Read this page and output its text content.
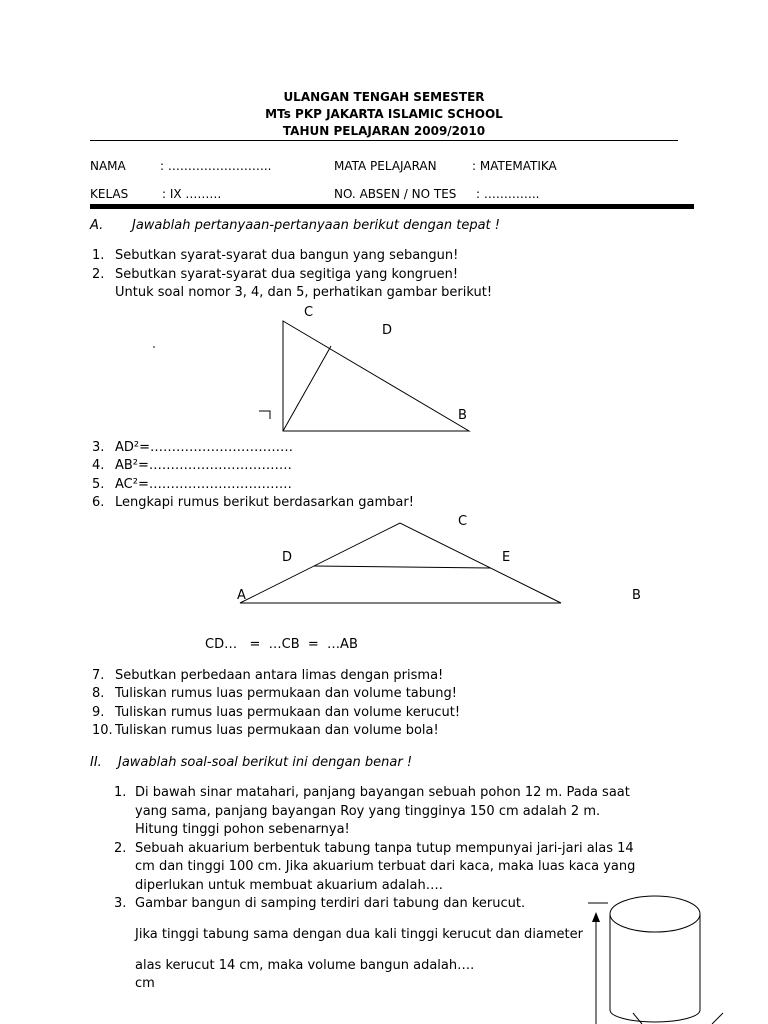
ULANGAN TENGAH SEMESTER
MTs PKP JAKARTA ISLAMIC SCHOOL
TAHUN PELAJARAN 2009/2010
NAMA	: ……………………..	MATA PELAJARAN	: MATEMATIKA
KELAS	: IX ………	NO. ABSEN / NO TES : …………..
A. Jawablah pertanyaan-pertanyaan berikut dengan tepat !
1. Sebutkan syarat-syarat dua bangun yang sebangun!
2. Sebutkan syarat-syarat dua segitiga yang kongruen!
Untuk soal nomor 3, 4, dan 5, perhatikan gambar berikut!
C
D
B
3. AD²=……………………………
4. AB²=……………………………
5. AC²=……………………………
6. Lengkapi rumus berikut berdasarkan gambar!
C
D	E
A	B
CD…   =  …CB  =  …AB
7. Sebutkan perbedaan antara limas dengan prisma!
8. Tuliskan rumus luas permukaan dan volume tabung!
9. Tuliskan rumus luas permukaan dan volume kerucut!
10. Tuliskan rumus luas permukaan dan volume bola!
II. Jawablah soal-soal berikut ini dengan benar !
1. Di bawah sinar matahari, panjang bayangan sebuah pohon 12 m. Pada saat
yang sama, panjang bayangan Roy yang tingginya 150 cm adalah 2 m.
Hitung tinggi pohon sebenarnya!
2. Sebuah akuarium berbentuk tabung tanpa tutup mempunyai jari-jari alas 14
cm dan tinggi 100 cm. Jika akuarium terbuat dari kaca, maka luas kaca yang
diperlukan untuk membuat akuarium adalah….
3. Gambar bangun di samping terdiri dari tabung dan kerucut.
Jika tinggi tabung sama dengan dua kali tinggi kerucut dan diameter
alas kerucut 14 cm, maka volume bangun adalah….
cm
